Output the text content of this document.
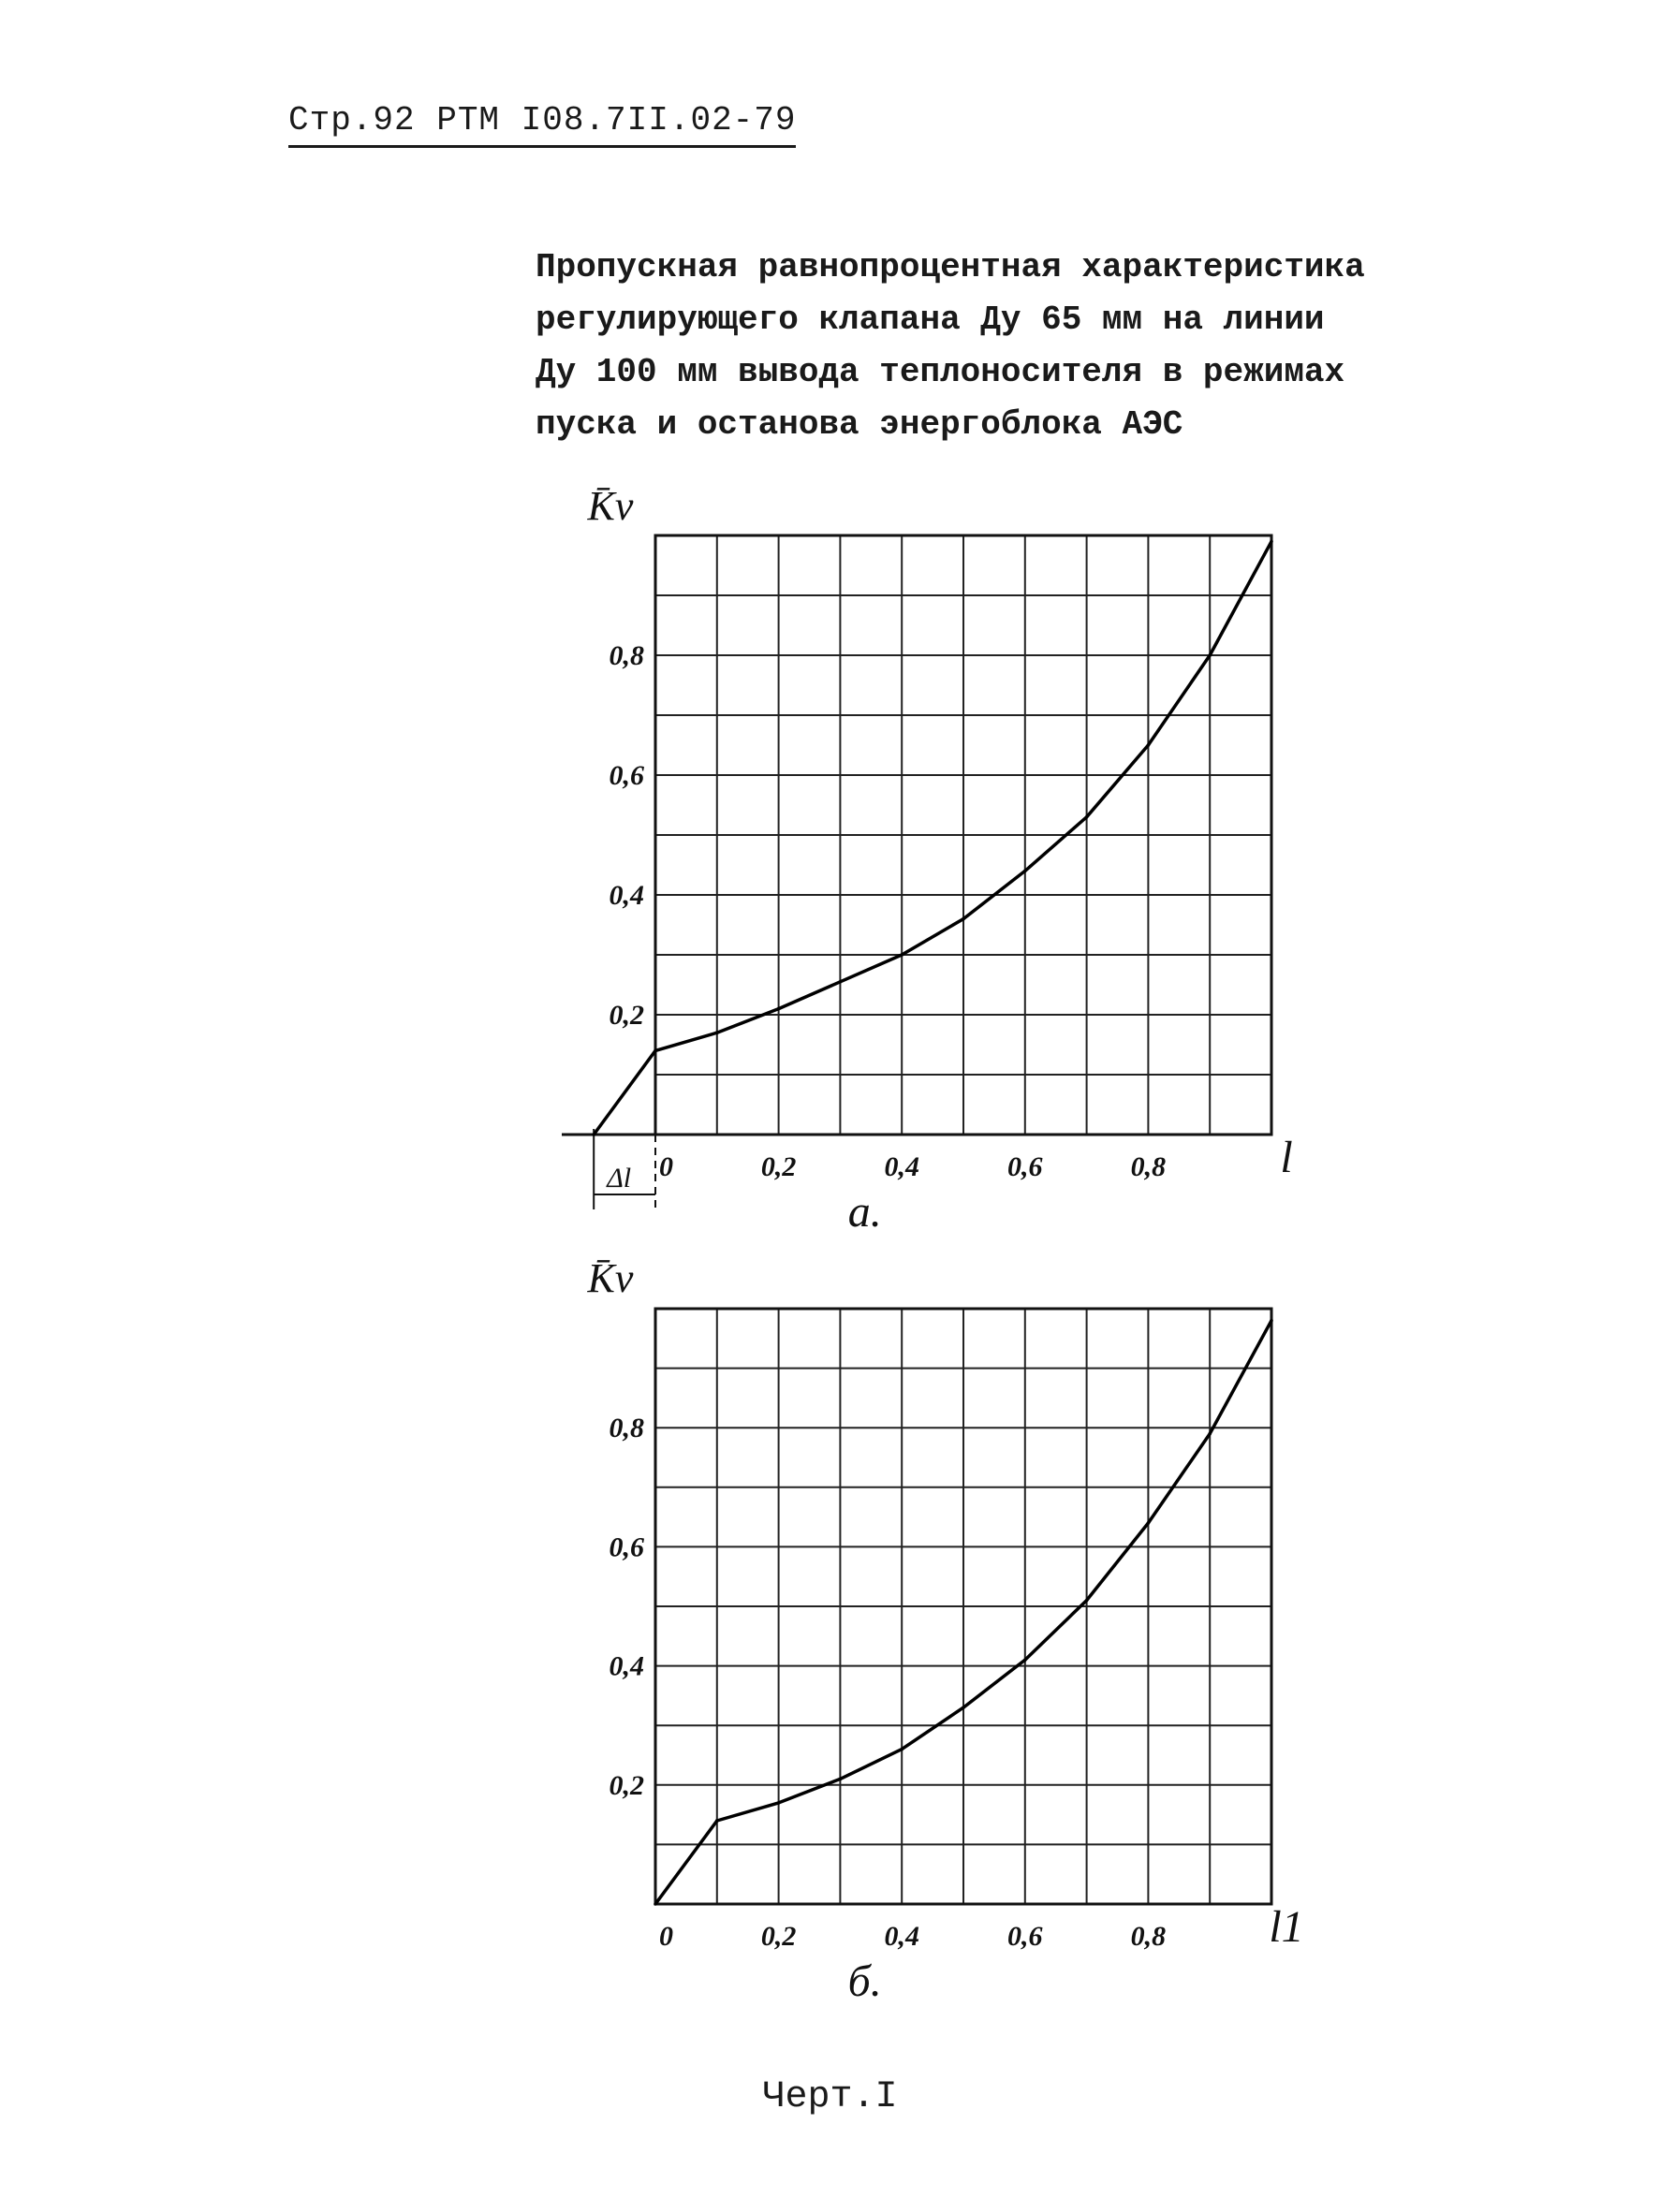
Стр.92 РТМ I08.7II.02-79
Пропускная равнопроцентная характеристика
регулирующего клапана Ду 65 мм на линии
Ду 100 мм вывода теплоносителя в режимах
пуска и останова энергоблока АЭС
Δl
0,2
0,4
0,6
0,8
0	0,2	0,4	0,6	0,8
K̄v
l
а.
0,2
0,4
0,6
0,8
0	0,2	0,4	0,6	0,8
K̄v
l1
б.
Черт.I
